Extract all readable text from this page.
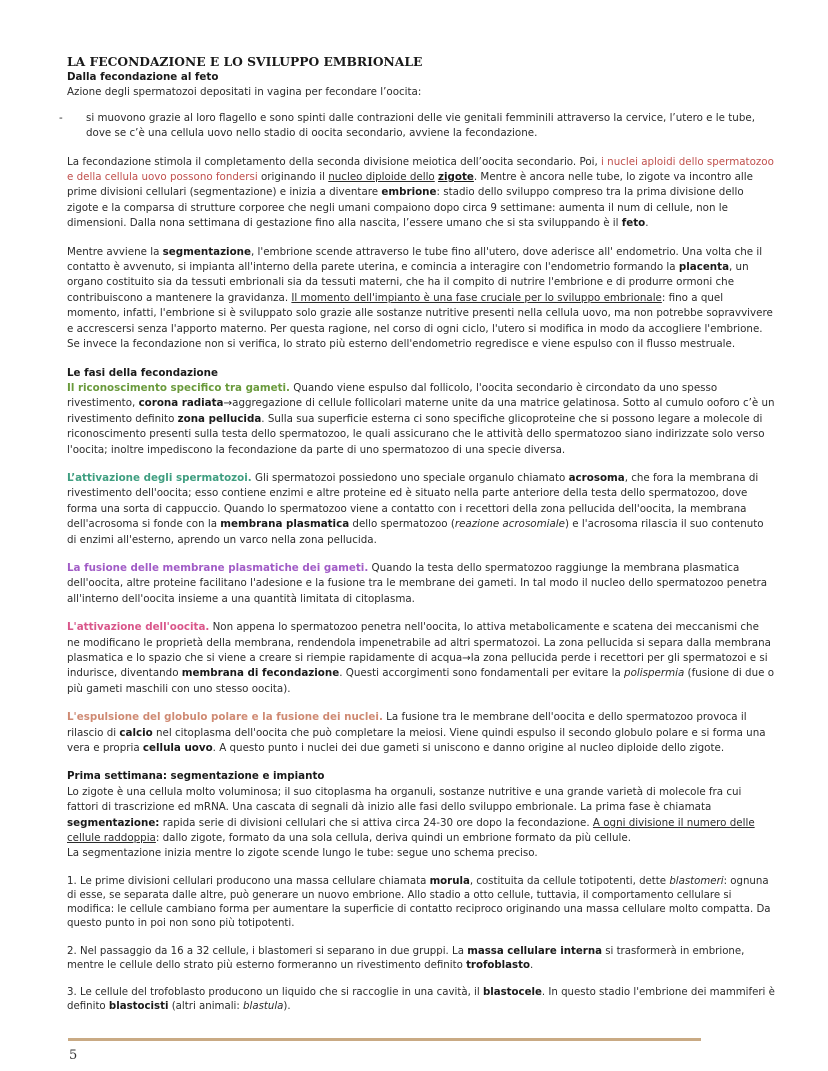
LA FECONDAZIONE E LO SVILUPPO EMBRIONALE
Dalla fecondazione al feto

Azione degli spermatozoi depositati in vagina per fecondare l’oocita:

- si muovono grazie al loro flagello e sono spinti dalle contrazioni delle vie genitali femminili attraverso la cervice, l’utero e le tube, dove se c’è una cellula uovo nello stadio di oocita secondario, avviene la fecondazione.

La fecondazione stimola il completamento della seconda divisione meiotica dell’oocita secondario. Poi, i nuclei aploidi dello spermatozoo e della cellula uovo possono fondersi originando il nucleo diploide dello zigote. Mentre è ancora nelle tube, lo zigote va incontro alle prime divisioni cellulari (segmentazione) e inizia a diventare embrione: stadio dello sviluppo compreso tra la prima divisione dello zigote e la comparsa di strutture corporee che negli umani compaiono dopo circa 9 settimane: aumenta il num di cellule, non le dimensioni. Dalla nona settimana di gestazione fino alla nascita, l’essere umano che si sta sviluppando è il feto.

Mentre avviene la segmentazione, l'embrione scende attraverso le tube fino all'utero, dove aderisce all' endometrio. Una volta che il contatto è avvenuto, si impianta all'interno della parete uterina, e comincia a interagire con l'endometrio formando la placenta, un organo costituito sia da tessuti embrionali sia da tessuti materni, che ha il compito di nutrire l'embrione e di produrre ormoni che contribuiscono a mantenere la gravidanza. Il momento dell'impianto è una fase cruciale per lo sviluppo embrionale: fino a quel momento, infatti, l'embrione si è sviluppato solo grazie alle sostanze nutritive presenti nella cellula uovo, ma non potrebbe sopravvivere e accrescersi senza l'apporto materno. Per questa ragione, nel corso di ogni ciclo, l'utero si modifica in modo da accogliere l'embrione. Se invece la fecondazione non si verifica, lo strato più esterno dell'endometrio regredisce e viene espulso con il flusso mestruale.

Le fasi della fecondazione

Il riconoscimento specifico tra gameti. Quando viene espulso dal follicolo, l'oocita secondario è circondato da uno spesso rivestimento, corona radiata→aggregazione di cellule follicolari materne unite da una matrice gelatinosa. Sotto al cumulo ooforo c’è un rivestimento definito zona pellucida. Sulla sua superficie esterna ci sono specifiche glicoproteine che si possono legare a molecole di riconoscimento presenti sulla testa dello spermatozoo, le quali assicurano che le attività dello spermatozoo siano indirizzate solo verso l'oocita; inoltre impediscono la fecondazione da parte di uno spermatozoo di una specie diversa.

L’attivazione degli spermatozoi. Gli spermatozoi possiedono uno speciale organulo chiamato acrosoma, che fora la membrana di rivestimento dell'oocita; esso contiene enzimi e altre proteine ed è situato nella parte anteriore della testa dello spermatozoo, dove forma una sorta di cappuccio. Quando lo spermatozoo viene a contatto con i recettori della zona pellucida dell'oocita, la membrana dell'acrosoma si fonde con la membrana plasmatica dello spermatozoo (reazione acrosomiale) e l'acrosoma rilascia il suo contenuto di enzimi all'esterno, aprendo un varco nella zona pellucida.

La fusione delle membrane plasmatiche dei gameti. Quando la testa dello spermatozoo raggiunge la membrana plasmatica dell'oocita, altre proteine facilitano l'adesione e la fusione tra le membrane dei gameti. In tal modo il nucleo dello spermatozoo penetra all'interno dell'oocita insieme a una quantità limitata di citoplasma.

L'attivazione dell'oocita. Non appena lo spermatozoo penetra nell'oocita, lo attiva metabolicamente e scatena dei meccanismi che ne modificano le proprietà della membrana, rendendola impenetrabile ad altri spermatozoi. La zona pellucida si separa dalla membrana plasmatica e lo spazio che si viene a creare si riempie rapidamente di acqua→la zona pellucida perde i recettori per gli spermatozoi e si indurisce, diventando membrana di fecondazione. Questi accorgimenti sono fondamentali per evitare la polispermia (fusione di due o più gameti maschili con uno stesso oocita).

L'espulsione del globulo polare e la fusione dei nuclei. La fusione tra le membrane dell'oocita e dello spermatozoo provoca il rilascio di calcio nel citoplasma dell'oocita che può completare la meiosi. Viene quindi espulso il secondo globulo polare e si forma una vera e propria cellula uovo. A questo punto i nuclei dei due gameti si uniscono e danno origine al nucleo diploide dello zigote.

Prima settimana: segmentazione e impianto

Lo zigote è una cellula molto voluminosa; il suo citoplasma ha organuli, sostanze nutritive e una grande varietà di molecole fra cui fattori di trascrizione ed mRNA. Una cascata di segnali dà inizio alle fasi dello sviluppo embrionale. La prima fase è chiamata segmentazione: rapida serie di divisioni cellulari che si attiva circa 24-30 ore dopo la fecondazione. A ogni divisione il numero delle cellule raddoppia: dallo zigote, formato da una sola cellula, deriva quindi un embrione formato da più cellule.

La segmentazione inizia mentre lo zigote scende lungo le tube: segue uno schema preciso.

1. Le prime divisioni cellulari producono una massa cellulare chiamata morula, costituita da cellule totipotenti, dette blastomeri: ognuna di esse, se separata dalle altre, può generare un nuovo embrione. Allo stadio a otto cellule, tuttavia, il comportamento cellulare si modifica: le cellule cambiano forma per aumentare la superficie di contatto reciproco originando una massa cellulare molto compatta. Da questo punto in poi non sono più totipotenti.

2. Nel passaggio da 16 a 32 cellule, i blastomeri si separano in due gruppi. La massa cellulare interna si trasformerà in embrione, mentre le cellule dello strato più esterno formeranno un rivestimento definito trofoblasto.

3. Le cellule del trofoblasto producono un liquido che si raccoglie in una cavità, il blastocele. In questo stadio l'embrione dei mammiferi è definito blastocisti (altri animali: blastula).

5
